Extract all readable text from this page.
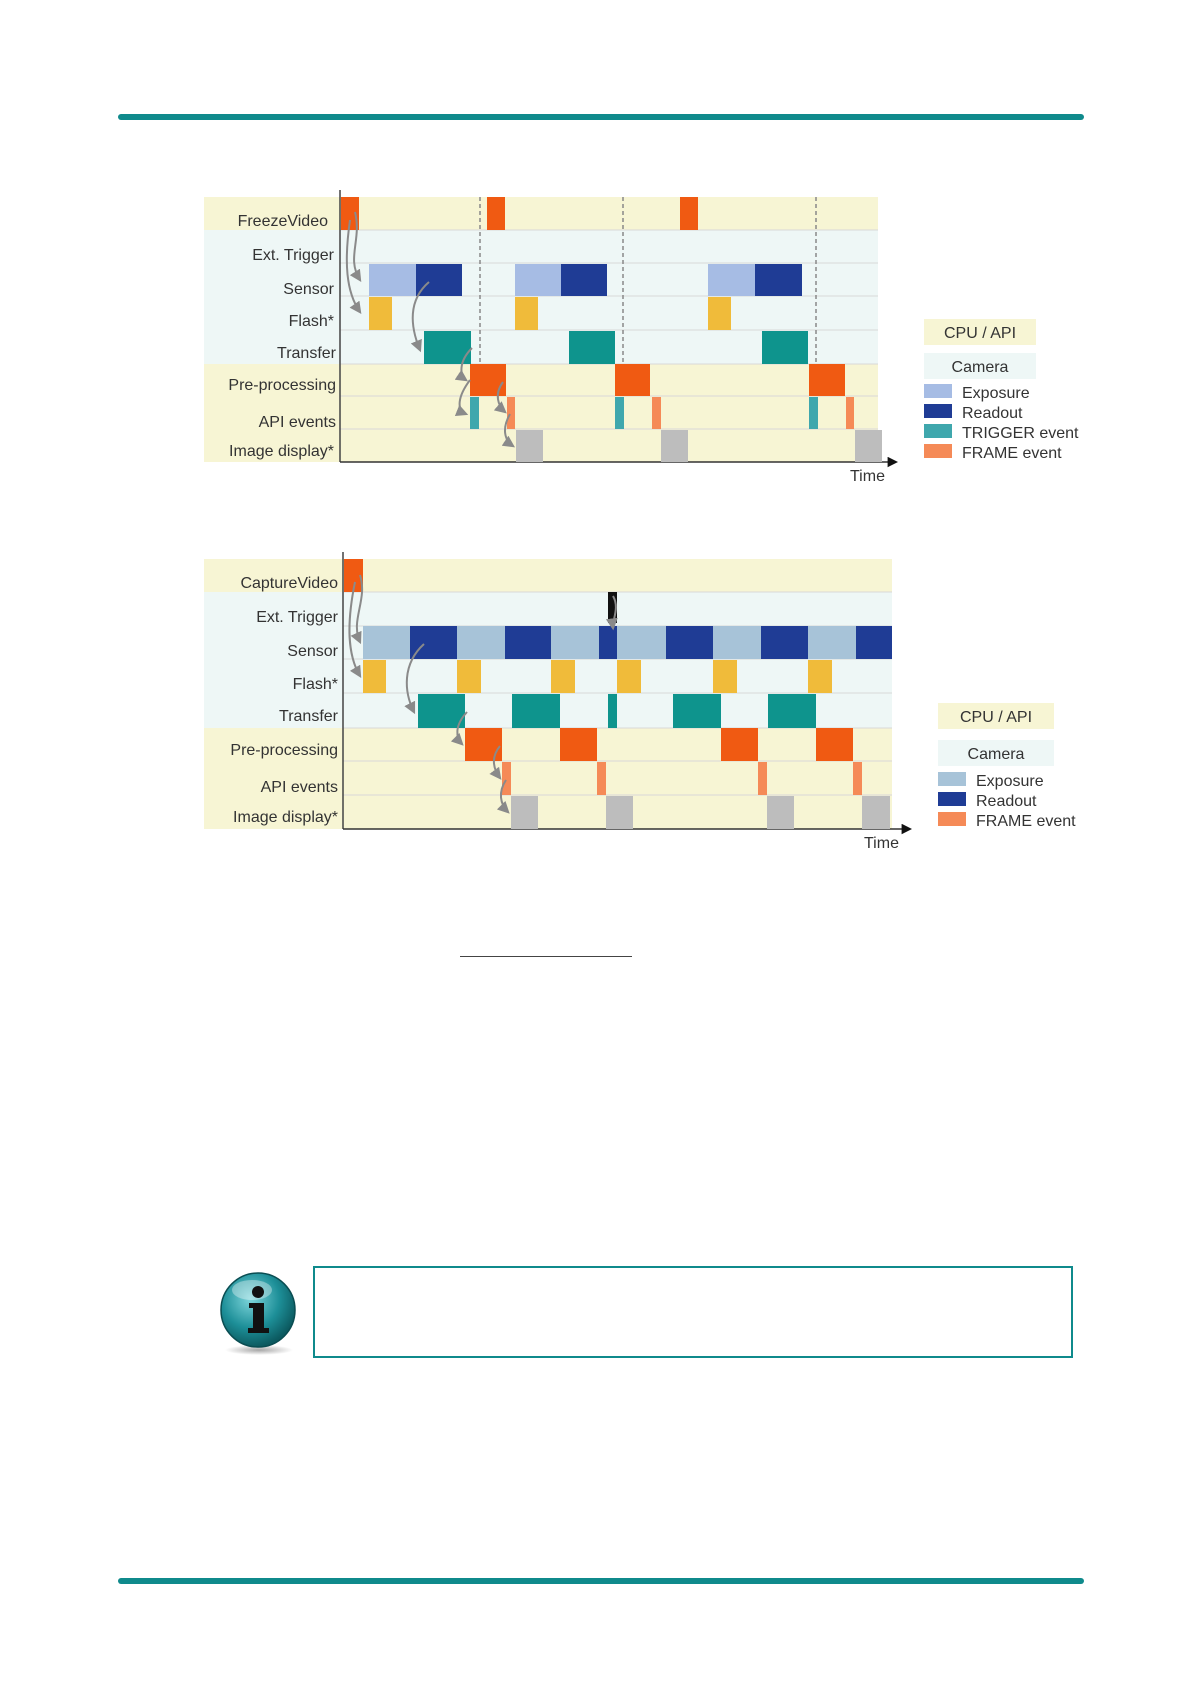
FreezeVideo
Ext. Trigger
Sensor
Flash*
Transfer
Pre-processing
API events
Image display*
Time
CPU / API
Camera
Exposure
Readout
TRIGGER event
FRAME event
CaptureVideo
Ext. Trigger
Sensor
Flash*
Transfer
Pre-processing
API events
Image display*
Time
CPU / API
Camera
Exposure
Readout
FRAME event
